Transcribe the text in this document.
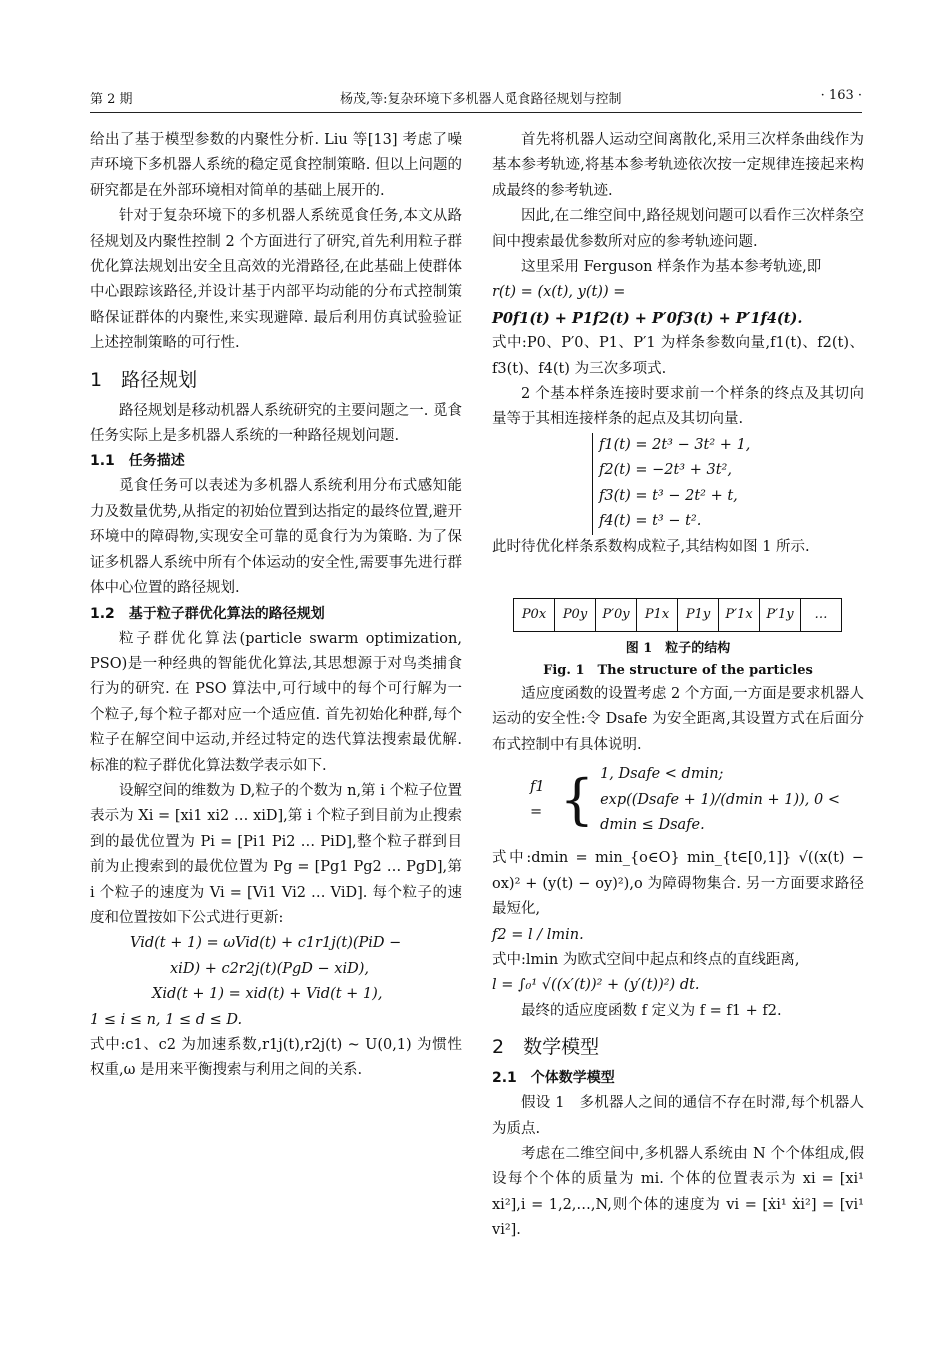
第 2 期	杨茂,等:复杂环境下多机器人觅食路径规划与控制	· 163 ·

给出了基于模型参数的内聚性分析. Liu 等[13] 考虑了噪声环境下多机器人系统的稳定觅食控制策略. 但以上问题的研究都是在外部环境相对简单的基础上展开的.

针对于复杂环境下的多机器人系统觅食任务,本文从路径规划及内聚性控制 2 个方面进行了研究,首先利用粒子群优化算法规划出安全且高效的光滑路径,在此基础上使群体中心跟踪该路径,并设计基于内部平均动能的分布式控制策略保证群体的内聚性,来实现避障. 最后利用仿真试验验证上述控制策略的可行性.

1　路径规划

路径规划是移动机器人系统研究的主要问题之一. 觅食任务实际上是多机器人系统的一种路径规划问题.

1.1　任务描述

觅食任务可以表述为多机器人系统利用分布式感知能力及数量优势,从指定的初始位置到达指定的最终位置,避开环境中的障碍物,实现安全可靠的觅食行为为策略. 为了保证多机器人系统中所有个体运动的安全性,需要事先进行群体中心位置的路径规划.

1.2　基于粒子群优化算法的路径规划

粒子群优化算法(particle swarm optimization, PSO)是一种经典的智能优化算法,其思想源于对鸟类捕食行为的研究. 在 PSO 算法中,可行域中的每个可行解为一个粒子,每个粒子都对应一个适应值. 首先初始化种群,每个粒子在解空间中运动,并经过特定的迭代算法搜索最优解. 标准的粒子群优化算法数学表示如下.

设解空间的维数为 D,粒子的个数为 n,第 i 个粒子位置表示为 Xi = [xi1 xi2 … xiD],第 i 个粒子到目前为止搜索到的最优位置为 Pi = [Pi1 Pi2 … PiD],整个粒子群到目前为止搜索到的最优位置为 Pg = [Pg1 Pg2 … PgD],第 i 个粒子的速度为 Vi = [Vi1 Vi2 … ViD]. 每个粒子的速度和位置按如下公式进行更新:

Vid(t + 1) = ωVid(t) + c1r1j(t)(PiD −

xiD) + c2r2j(t)(PgD − xiD),

Xid(t + 1) = xid(t) + Vid(t + 1),

1 ≤ i ≤ n, 1 ≤ d ≤ D.

式中:c1、c2 为加速系数,r1j(t),r2j(t) ~ U(0,1) 为惯性权重,ω 是用来平衡搜索与利用之间的关系.

首先将机器人运动空间离散化,采用三次样条曲线作为基本参考轨迹,将基本参考轨迹依次按一定规律连接起来构成最终的参考轨迹.

因此,在二维空间中,路径规划问题可以看作三次样条空间中搜索最优参数所对应的参考轨迹问题.

这里采用 Ferguson 样条作为基本参考轨迹,即

r(t) = (x(t), y(t)) =

P0f1(t) + P1f2(t) + P′0f3(t) + P′1f4(t).

式中:P0、P′0、P1、P′1 为样条参数向量,f1(t)、f2(t)、f3(t)、f4(t) 为三次多项式.

2 个基本样条连接时要求前一个样条的终点及其切向量等于其相连接样条的起点及其切向量.

f1(t) = 2t³ − 3t² + 1,
f2(t) = −2t³ + 3t²,
f3(t) = t³ − 2t² + t,
f4(t) = t³ − t².

此时待优化样条系数构成粒子,其结构如图 1 所示.

P0x	P0y	P′0y	P1x	P1y	P′1x	P′1y	…
图 1　粒子的结构
Fig. 1　The structure of the particles

适应度函数的设置考虑 2 个方面,一方面是要求机器人运动的安全性:令 Dsafe 为安全距离,其设置方式在后面分布式控制中有具体说明.

f1 = { 1, Dsafe < dmin;
exp((Dsafe + 1)/(dmin + 1)), 0 < dmin ≤ Dsafe.

式中:dmin = min_{o∈O} min_{t∈[0,1]} √((x(t) − ox)² + (y(t) − oy)²),o 为障碍物集合. 另一方面要求路径最短化,

f2 = l / lmin.

式中:lmin 为欧式空间中起点和终点的直线距离,

l = ∫₀¹ √((x′(t))² + (y′(t))²) dt.

最终的适应度函数 f 定义为 f = f1 + f2.

2　数学模型
2.1　个体数学模型

假设 1　多机器人之间的通信不存在时滞,每个机器人为质点.

考虑在二维空间中,多机器人系统由 N 个个体组成,假设每个个体的质量为 mi. 个体的位置表示为 xi = [xi¹ xi²],i = 1,2,…,N,则个体的速度为 vi = [ẋi¹ ẋi²] = [vi¹ vi²].
